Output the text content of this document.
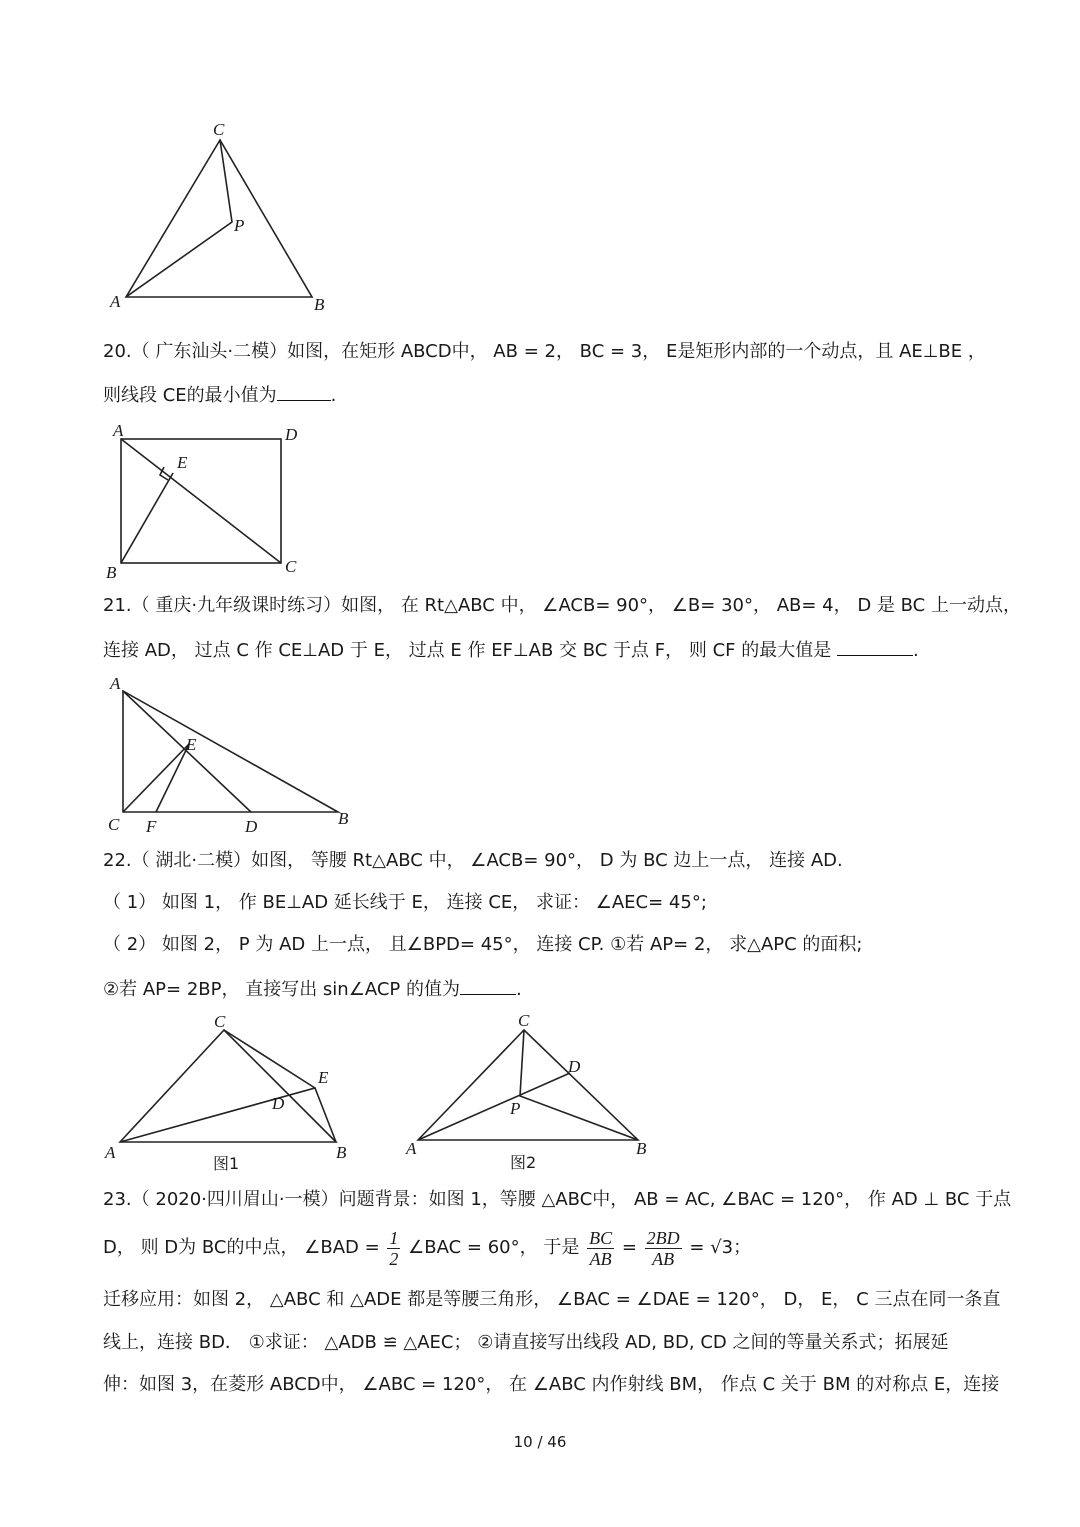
C
P
A	B
20.（ 广东汕头·二模）如图，在矩形 ABCD中， AB = 2， BC = 3， E是矩形内部的一个动点，且 AE⊥BE ，
则线段 CE的最小值为	.
A	D
E
B	C
21.（ 重庆·九年级课时练习）如图， 在 Rt△ABC 中， ∠ACB= 90°， ∠B= 30°， AB= 4， D 是 BC 上一动点，
连接 AD， 过点 C 作 CE⊥AD 于 E， 过点 E 作 EF⊥AB 交 BC 于点 F， 则 CF 的最大值是	.
A
E
C F	D	B
22.（ 湖北·二模）如图， 等腰 Rt△ABC 中， ∠ACB= 90°， D 为 BC 边上一点， 连接 AD.
（ 1） 如图 1， 作 BE⊥AD 延长线于 E， 连接 CE， 求证： ∠AEC= 45°;
（ 2） 如图 2， P 为 AD 上一点， 且∠BPD= 45°， 连接 CP. ①若 AP= 2， 求△APC 的面积;
②若 AP= 2BP， 直接写出 sin∠ACP 的值为	.
C
E
D
A	B
图1
C
D
P
A	B
图2
23.（ 2020·四川眉山·一模）问题背景：如图 1，等腰 △ABC中， AB = AC, ∠BAC = 120°， 作 AD ⊥ BC 于点
D， 则 D为 BC的中点， ∠BAD = $\frac{1}{2}$ ∠BAC = 60°， 于是 $\frac{BC}{AB} = \frac{2BD}{AB} = √3$；
迁移应用：如图 2， △ABC 和 △ADE 都是等腰三角形， ∠BAC = ∠DAE = 120°， D， E， C 三点在同一条直
线上，连接 BD． ①求证： △ADB ≌ △AEC； ②请直接写出线段 AD, BD, CD 之间的等量关系式；拓展延
伸：如图 3，在菱形 ABCD中， ∠ABC = 120°， 在 ∠ABC 内作射线 BM， 作点 C 关于 BM 的对称点 E，连接
10 / 46
